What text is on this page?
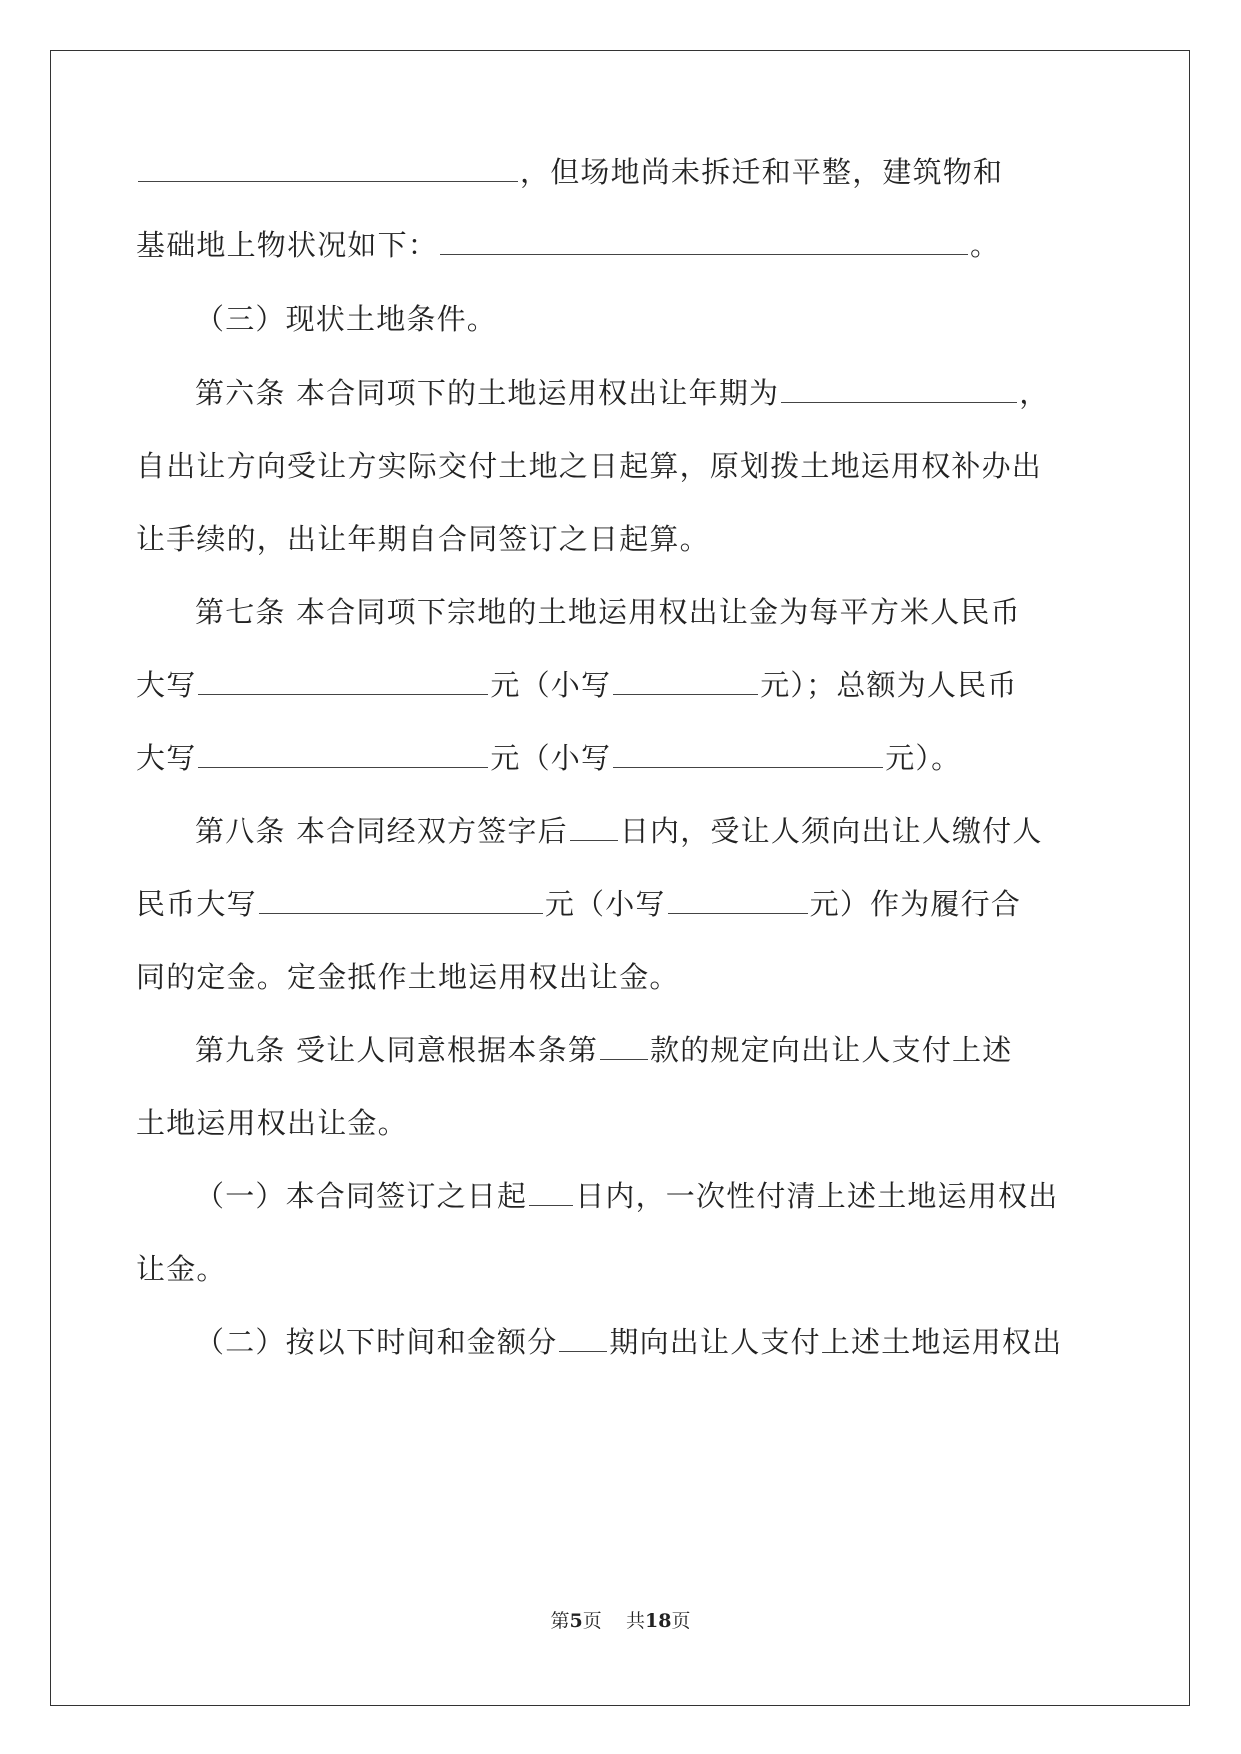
，但场地尚未拆迁和平整，建筑物和
基础地上物状况如下：	。
（三）现状土地条件。
第六条 本合同项下的土地运用权出让年期为	，
自出让方向受让方实际交付土地之日起算，原划拨土地运用权补办出
让手续的，出让年期自合同签订之日起算。
第七条 本合同项下宗地的土地运用权出让金为每平方米人民币
大写	元（小写	元）；总额为人民币
大写	元（小写	元）。
第八条 本合同经双方签字后 日内，受让人须向出让人缴付人
民币大写	元（小写	元）作为履行合
同的定金。定金抵作土地运用权出让金。
第九条 受让人同意根据本条第 款的规定向出让人支付上述
土地运用权出让金。
（一）本合同签订之日起 日内，一次性付清上述土地运用权出
让金。
（二）按以下时间和金额分 期向出让人支付上述土地运用权出
第5页 共18页
